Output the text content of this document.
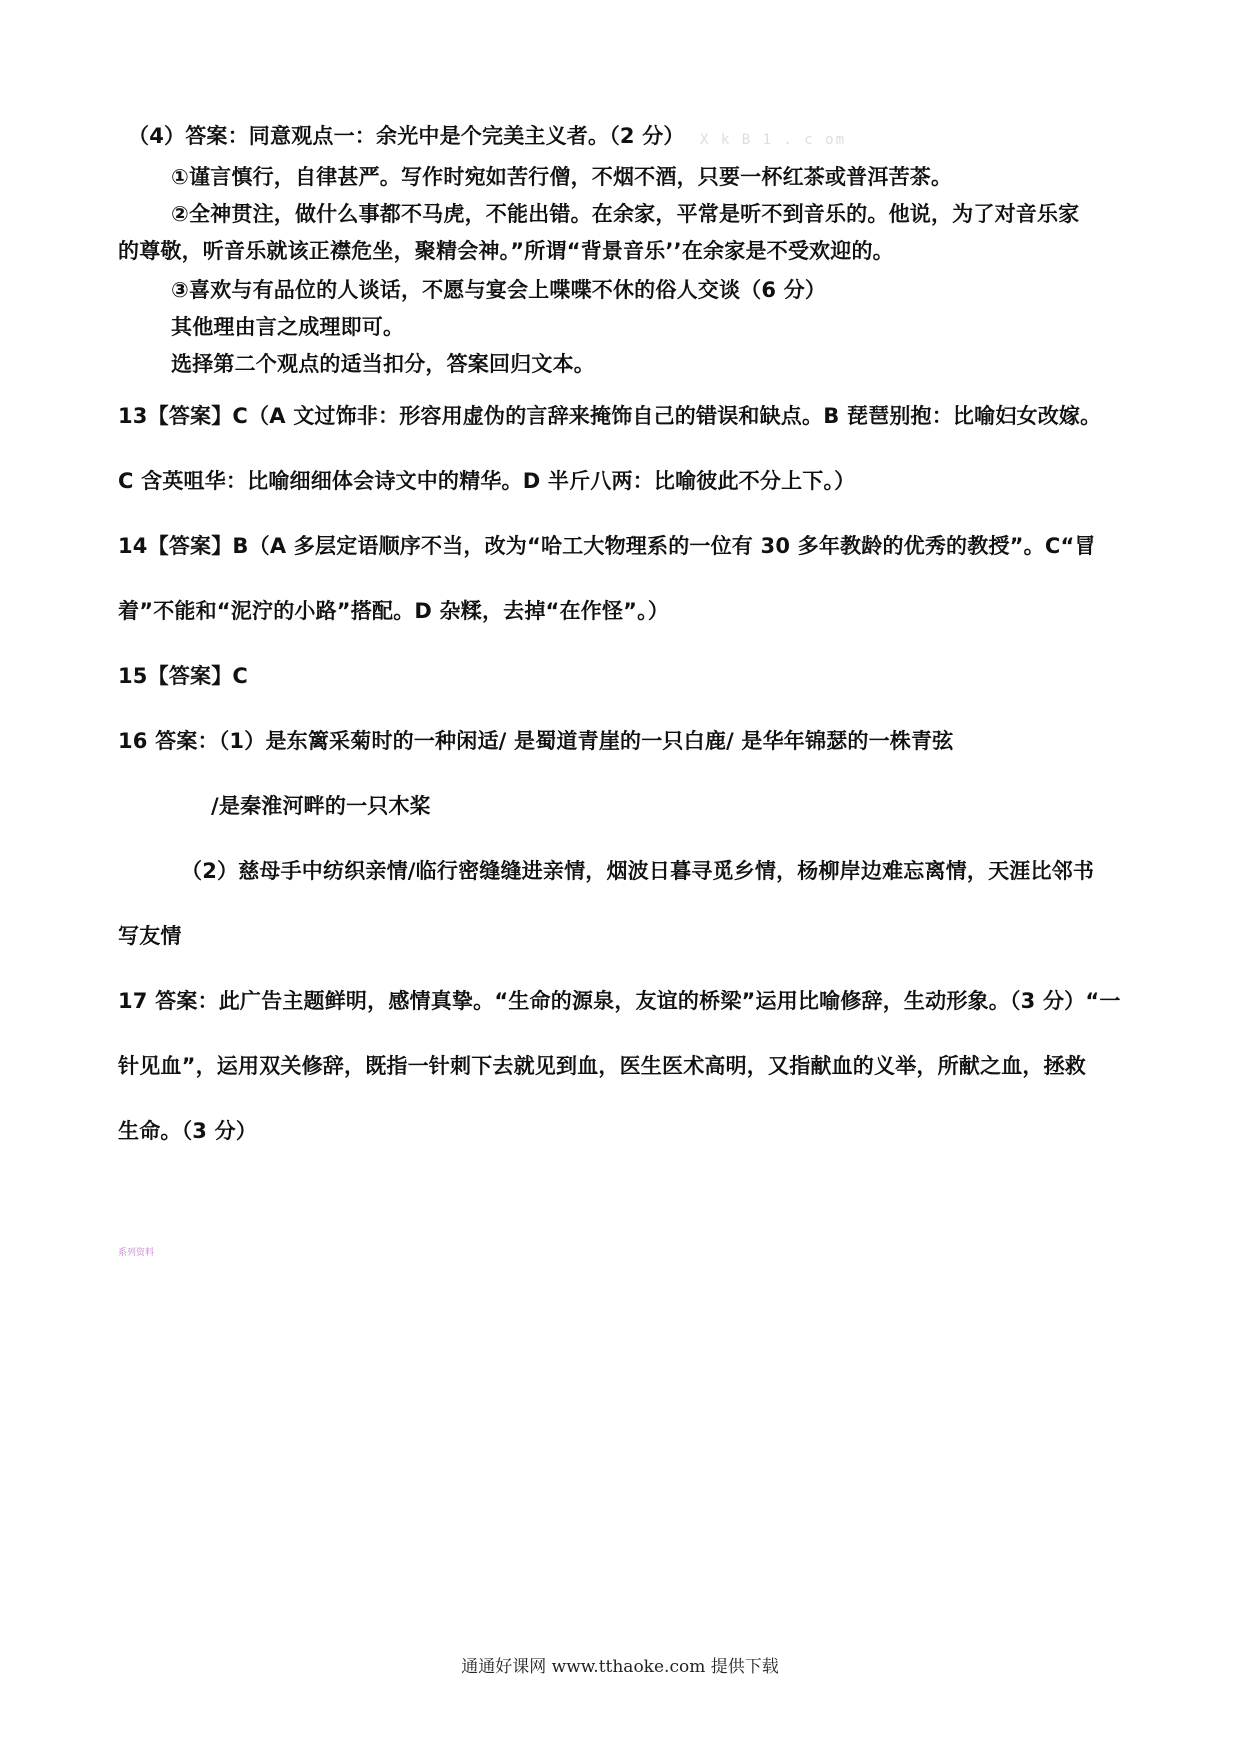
X k B 1 . c om
（4）答案：同意观点一：余光中是个完美主义者。（2 分）
①谨言慎行，自律甚严。写作时宛如苦行僧，不烟不酒，只要一杯红茶或普洱苦茶。
②全神贯注，做什么事都不马虎，不能出错。在余家，平常是听不到音乐的。他说，为了对音乐家
的尊敬，听音乐就该正襟危坐，聚精会神。”所谓“背景音乐’’在余家是不受欢迎的。
③喜欢与有品位的人谈话，不愿与宴会上喋喋不休的俗人交谈（6 分）
其他理由言之成理即可。
选择第二个观点的适当扣分，答案回归文本。
13【答案】C（A 文过饰非：形容用虚伪的言辞来掩饰自己的错误和缺点。B 琵琶别抱：比喻妇女改嫁。
C 含英咀华：比喻细细体会诗文中的精华。D 半斤八两：比喻彼此不分上下。）
14【答案】B（A 多层定语顺序不当，改为“哈工大物理系的一位有 30 多年教龄的优秀的教授”。C“冒
着”不能和“泥泞的小路”搭配。D 杂糅，去掉“在作怪”。）
15【答案】C
16 答案：（1）是东篱采菊时的一种闲适/ 是蜀道青崖的一只白鹿/ 是华年锦瑟的一株青弦
/是秦淮河畔的一只木桨
（2）慈母手中纺织亲情/临行密缝缝进亲情，烟波日暮寻觅乡情，杨柳岸边难忘离情，天涯比邻书
写友情
17 答案：此广告主题鲜明，感情真挚。“生命的源泉，友谊的桥梁”运用比喻修辞，生动形象。（3 分）“一
针见血”，运用双关修辞，既指一针刺下去就见到血，医生医术高明，又指献血的义举，所献之血，拯救
生命。（3 分）
系列资料
通通好课网 www.tthaoke.com 提供下载
